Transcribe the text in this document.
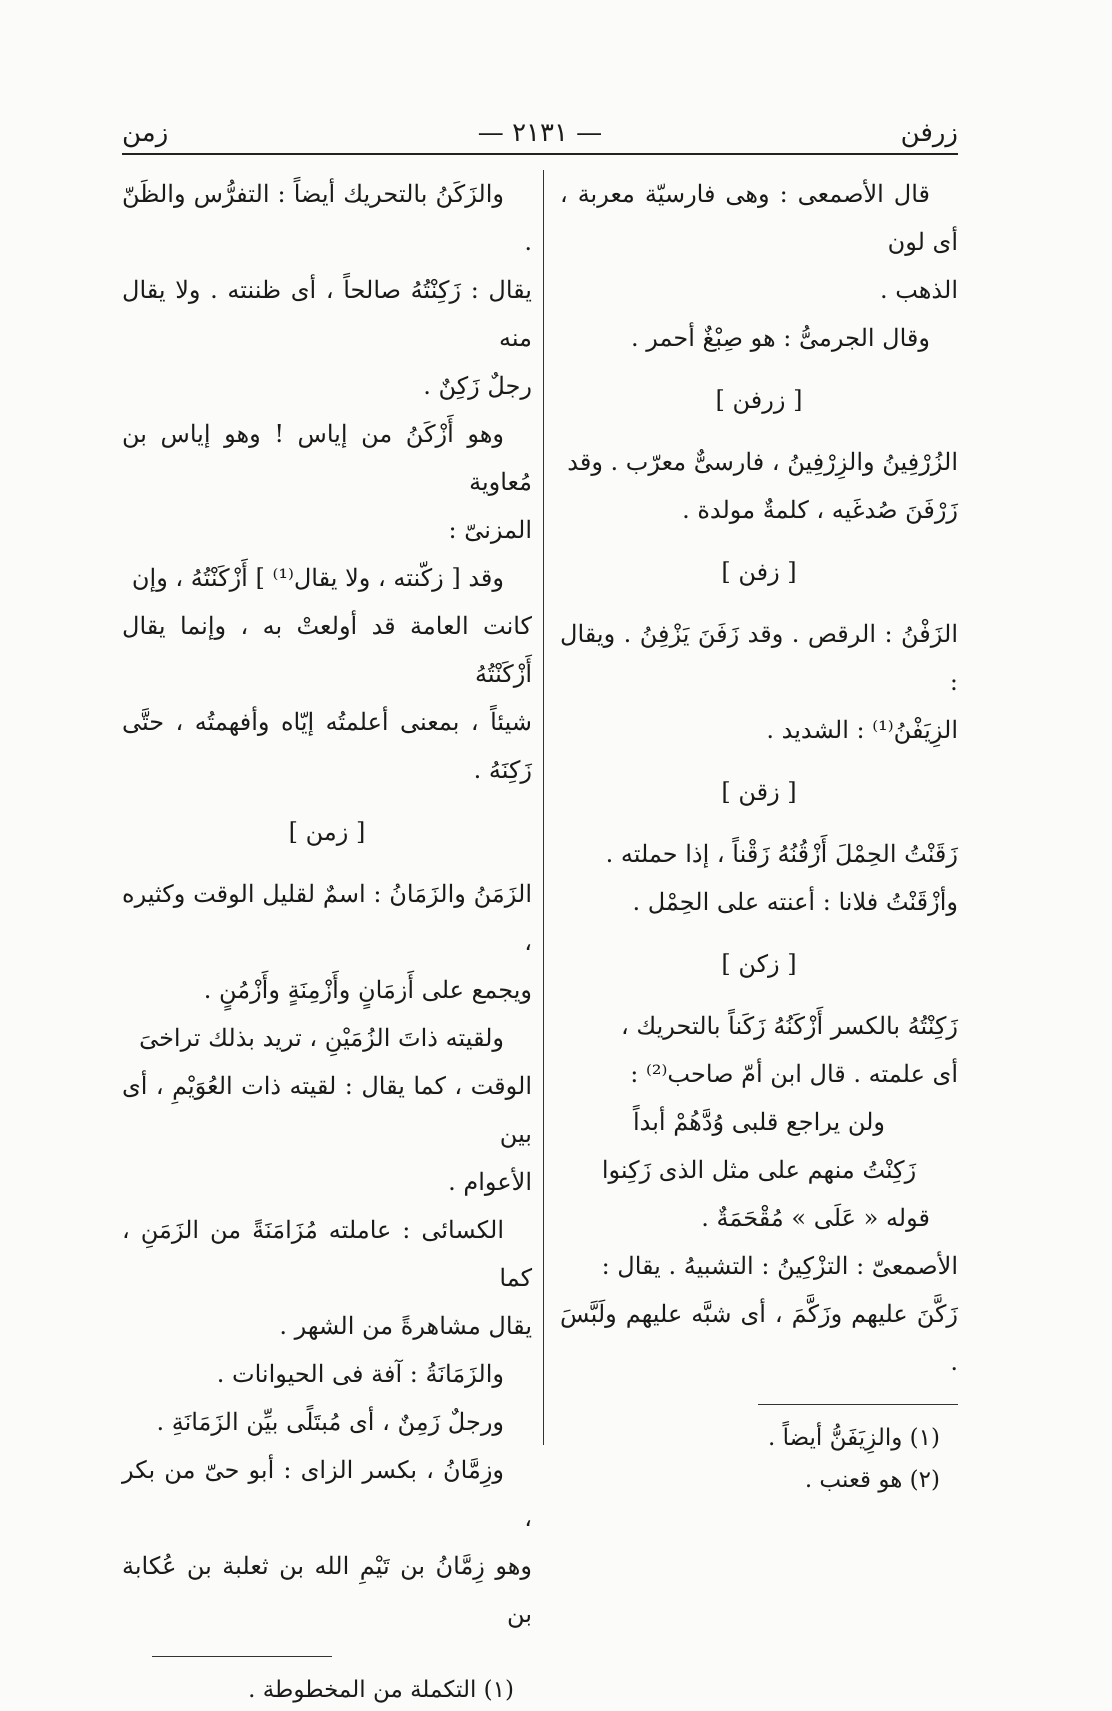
زرفن
— ٢١٣١ —
زمن

قال الأصمعى : وهى فارسيّة معربة ، أى لون

الذهب .

وقال الجرمىُّ : هو صِبْغٌ أحمر .

[ زرفن ]

الزُرْفِينُ والزِرْفِينُ ، فارسىٌّ معرّب . وقد

زَرْفَنَ صُدغَيه ، كلمةٌ مولدة .

[ زفن ]

الزَفْنُ : الرقص . وقد زَفَنَ يَزْفِنُ . ويقال :

الزِيَفْنُ⁽¹⁾ : الشديد .

[ زقن ]

زَقَنْتُ الحِمْلَ أَزْقُنُهُ زَقْناً ، إذا حملته .

وأزْقَنْتُ فلانا : أعنته على الحِمْل .

[ زكن ]

زَكِنْتُهُ بالكسر أَزْكَنُهُ زَكَناً بالتحريك ،

أى علمته . قال ابن أمّ صاحب⁽²⁾ :

ولن يراجع قلبى وُدَّهُمْ أبداً

زَكِنْتُ منهم على مثل الذى زَكِنوا

قوله « عَلَى » مُقْحَمَةٌ .

الأصمعىّ : التزْكِينُ : التشبيهُ . يقال :

زَكَّنَ عليهم وزَكَّمَ ، أى شبَّه عليهم ولَبَّسَ .

(١) والزِيَفَنُّ أيضاً .

(٢) هو قعنب .

والزَكَنُ بالتحريك أيضاً : التفرُّس والظَنّ .

يقال : زَكِنْتُهُ صالحاً ، أى ظننته . ولا يقال منه

رجلٌ زَكِنٌ .

وهو أَزْكَنُ من إياس ! وهو إياس بن مُعاوية

المزنىّ :

وقد [ زكّنته ، ولا يقال⁽¹⁾ ] أَزْكَنْتُهُ ، وإن

كانت العامة قد أولعتْ به ، وإنما يقال أَزْكَنْتُهُ

شيئاً ، بمعنى أعلمتُه إيّاه وأفهمتُه ، حتَّى زَكِنَهُ .

[ زمن ]

الزَمَنُ والزَمَانُ : اسمٌ لقليل الوقت وكثيره ،

ويجمع على أَزمَانٍ وأَزْمِنَةٍ وأَزْمُنٍ .

ولقيته ذاتَ الزُمَيْنِ ، تريد بذلك تراخىَ

الوقت ، كما يقال : لقيته ذات العُوَيْمِ ، أى بين

الأعوام .

الكسائى : عاملته مُزَامَنَةً من الزَمَنِ ، كما

يقال مشاهرةً من الشهر .

والزَمَانَةُ : آفة فى الحيوانات .

ورجلٌ زَمِنٌ ، أى مُبتَلًى بيِّن الزَمَانَةِ .

وزِمَّانُ ، بكسر الزاى : أبو حىّ من بكر ،

وهو زِمَّانُ بن تَيْمِ الله بن ثعلبة بن عُكابة بن

(١) التكملة من المخطوطة .
